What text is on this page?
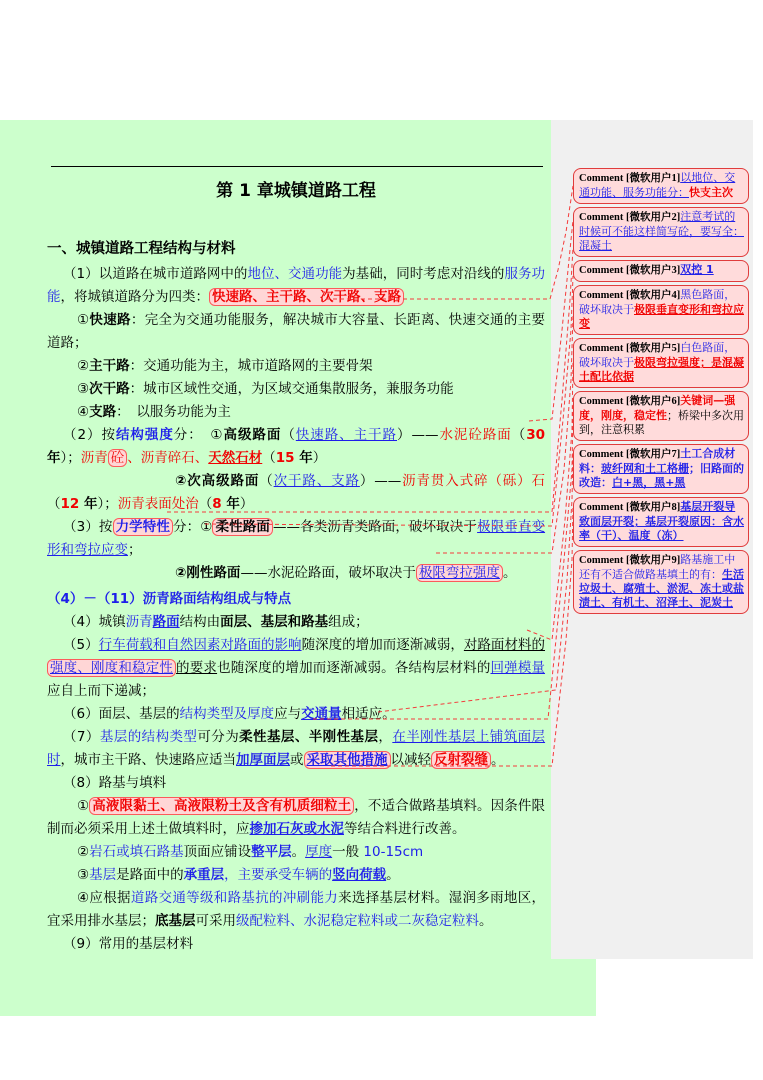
第 1 章城镇道路工程

一、城镇道路工程结构与材料

（1）以道路在城市道路网中的地位、交通功能为基础，同时考虑对沿线的服务功能，将城镇道路分为四类： 快速路、主干路、次干路、支路

①快速路：完全为交通功能服务，解决城市大容量、长距离、快速交通的主要道路；

②主干路：交通功能为主，城市道路网的主要骨架

③次干路：城市区域性交通，为区域交通集散服务，兼服务功能

④支路：　以服务功能为主

（2）按结构强度分：　①高级路面（快速路、主干路）——水泥砼路面（30 年）；沥青 砼 、沥青碎石、天然石材（15 年）

②次高级路面（次干路、支路）——沥青贯入式碎（砾）石（12 年）；沥青表面处治（8 年）

（3）按 力学特性 分：① 柔性路面 ——各类沥青类路面，破坏取决于极限垂直变形和弯拉应变；

②刚性路面——水泥砼路面，破坏取决于 极限弯拉强度 。

（4）－（11）沥青路面结构组成与特点

（4）城镇沥青路面结构由面层、基层和路基组成；

（5）行车荷载和自然因素对路面的影响随深度的增加而逐渐减弱，对路面材料的强度、刚度和稳定性 的要求也随深度的增加而逐渐减弱。各结构层材料的回弹模量应自上而下递减；

（6）面层、基层的结构类型及厚度应与交通量相适应。

（7）基层的结构类型可分为柔性基层、半刚性基层，在半刚性基层上铺筑面层时，城市主干路、快速路应适当加厚面层或 采取其他措施 以减轻 反射裂缝 。

（8）路基与填料

① 高液限黏土、高液限粉土及含有机质细粒土 ，不适合做路基填料。因条件限制而必须采用上述土做填料时，应掺加石灰或水泥等结合料进行改善。

②岩石或填石路基顶面应铺设整平层。厚度一般 10-15cm

③基层是路面中的承重层，主要承受车辆的竖向荷载。

④应根据道路交通等级和路基抗的冲刷能力来选择基层材料。湿润多雨地区，宜采用排水基层；底基层可采用级配粒料、水泥稳定粒料或二灰稳定粒料。

（9）常用的基层材料

Comment [微软用户1]以地位、交通功能、服务功能分：快支主次
Comment [微软用户2]注意考试的时候可不能这样简写砼，要写全：混凝土
Comment [微软用户3]双控 1
Comment [微软用户4]黑色路面，破坏取决于极限垂直变形和弯拉应变
Comment [微软用户5]白色路面，破坏取决于极限弯拉强度；是混凝土配比依据
Comment [微软用户6]关键词—强度，刚度，稳定性；桥梁中多次用到，注意积累
Comment [微软用户7]土工合成材料：玻纤网和土工格栅；旧路面的改造：白+黑，黑+黑
Comment [微软用户8]基层开裂导致面层开裂；基层开裂原因：含水率（干）、温度（冻）
Comment [微软用户9]路基施工中还有不适合做路基填土的有：生活垃圾土、腐殖土、淤泥、冻土或盐渍土、有机土、沼泽土、泥炭土
